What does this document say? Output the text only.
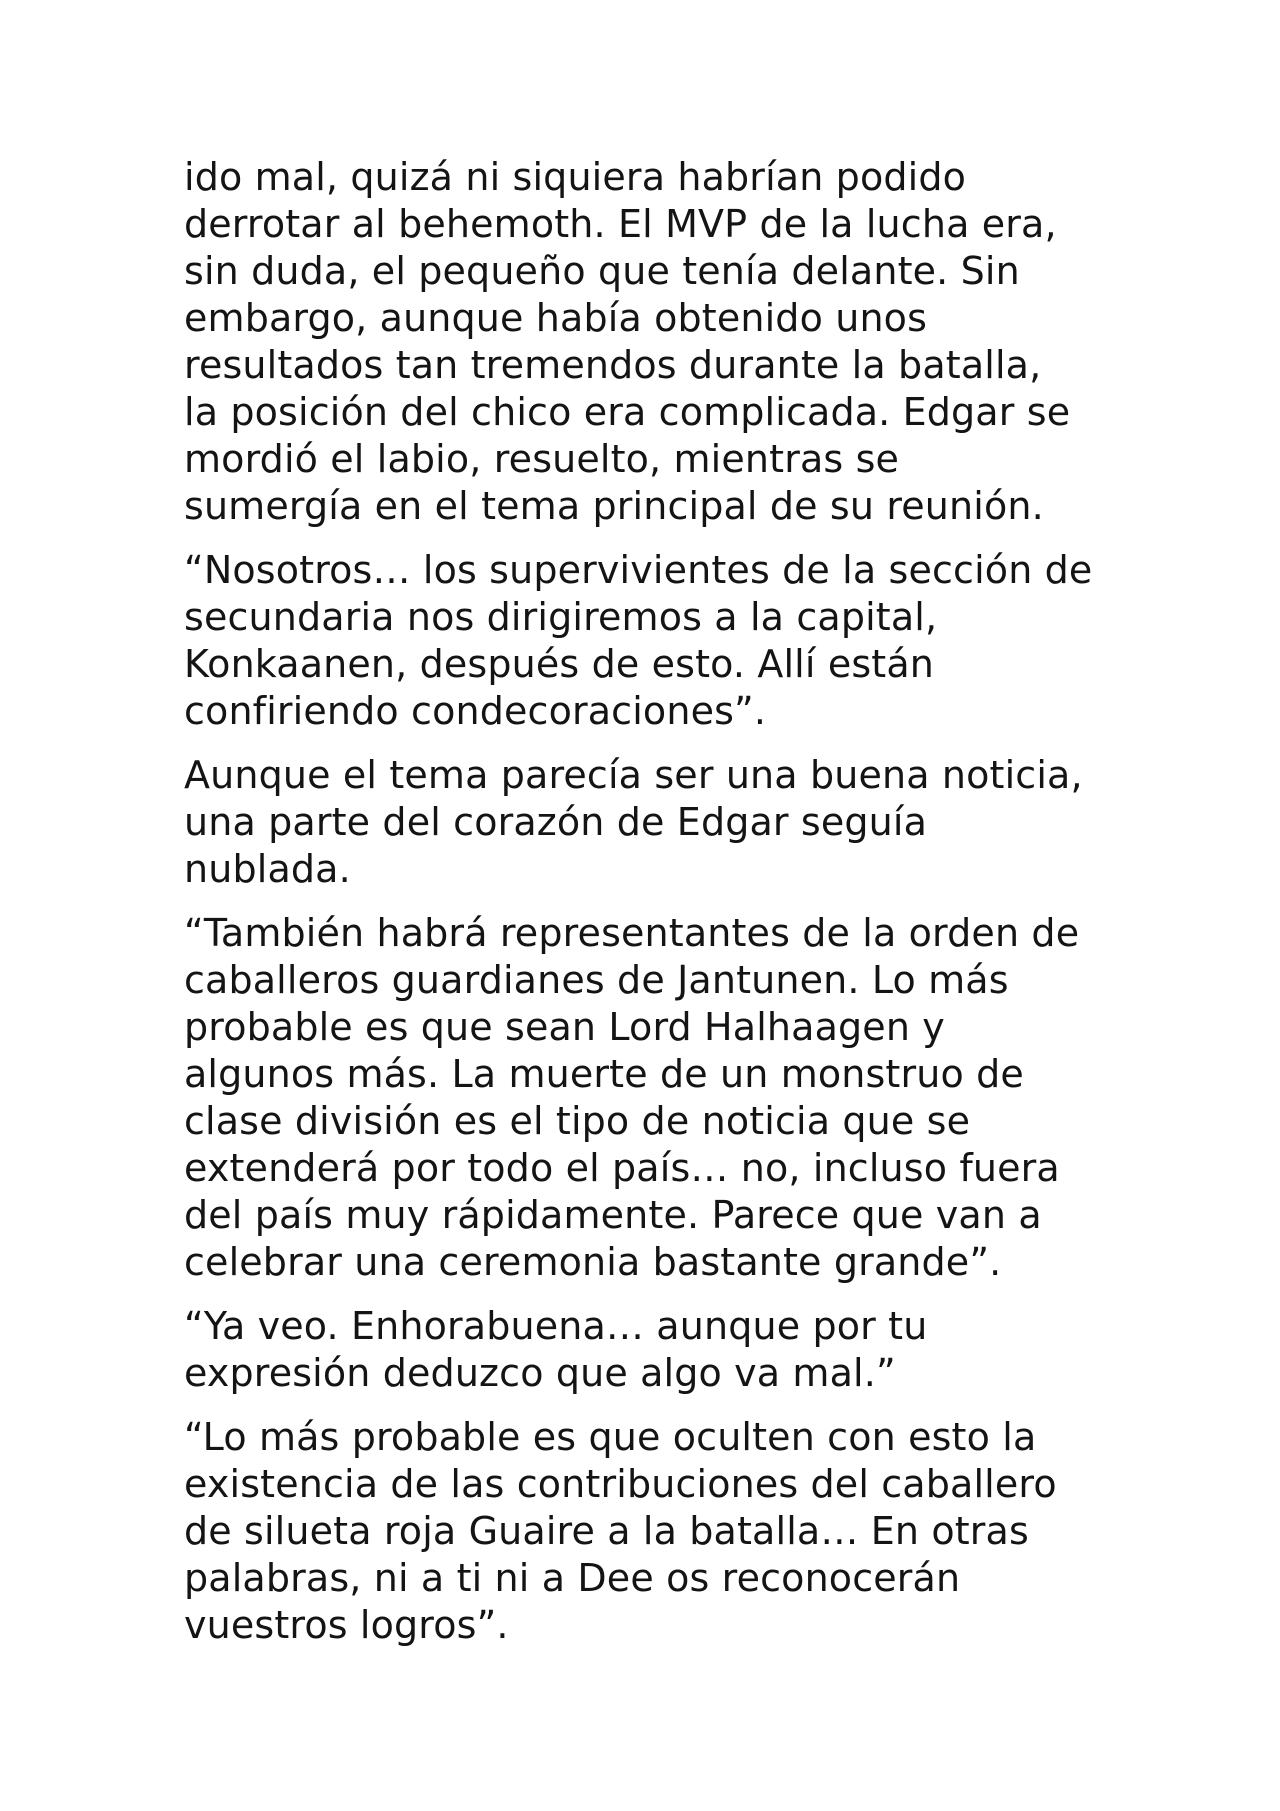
ido mal, quizá ni siquiera habrían podido
derrotar al behemoth. El MVP de la lucha era,
sin duda, el pequeño que tenía delante. Sin
embargo, aunque había obtenido unos
resultados tan tremendos durante la batalla,
la posición del chico era complicada. Edgar se
mordió el labio, resuelto, mientras se
sumergía en el tema principal de su reunión.

“Nosotros… los supervivientes de la sección de
secundaria nos dirigiremos a la capital,
Konkaanen, después de esto. Allí están
confiriendo condecoraciones”.

Aunque el tema parecía ser una buena noticia,
una parte del corazón de Edgar seguía
nublada.

“También habrá representantes de la orden de
caballeros guardianes de Jantunen. Lo más
probable es que sean Lord Halhaagen y
algunos más. La muerte de un monstruo de
clase división es el tipo de noticia que se
extenderá por todo el país… no, incluso fuera
del país muy rápidamente. Parece que van a
celebrar una ceremonia bastante grande”.

“Ya veo. Enhorabuena… aunque por tu
expresión deduzco que algo va mal.”

“Lo más probable es que oculten con esto la
existencia de las contribuciones del caballero
de silueta roja Guaire a la batalla… En otras
palabras, ni a ti ni a Dee os reconocerán
vuestros logros”.
